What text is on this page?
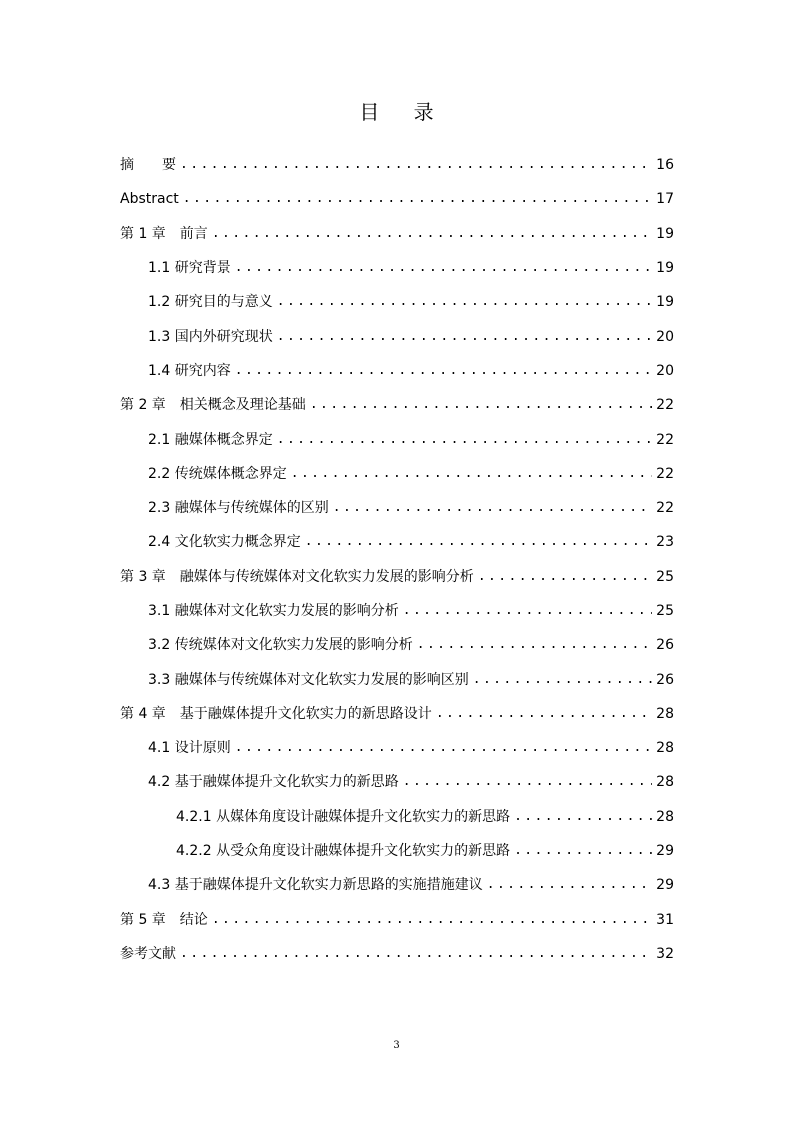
目 录
摘　　要 .....	16
Abstract .....	17
第 1 章　前言 .....	19
1.1 研究背景 .....	19
1.2 研究目的与意义 .....	19
1.3 国内外研究现状 .....	20
1.4 研究内容 .....	20
第 2 章　相关概念及理论基础 .....	22
2.1 融媒体概念界定 .....	22
2.2 传统媒体概念界定 .....	22
2.3 融媒体与传统媒体的区别 .....	22
2.4 文化软实力概念界定 .....	23
第 3 章　融媒体与传统媒体对文化软实力发展的影响分析 .....	25
3.1 融媒体对文化软实力发展的影响分析 .....	25
3.2 传统媒体对文化软实力发展的影响分析 .....	26
3.3 融媒体与传统媒体对文化软实力发展的影响区别 .....	26
第 4 章　基于融媒体提升文化软实力的新思路设计 .....	28
4.1 设计原则 .....	28
4.2 基于融媒体提升文化软实力的新思路 .....	28
4.2.1 从媒体角度设计融媒体提升文化软实力的新思路 .....	28
4.2.2 从受众角度设计融媒体提升文化软实力的新思路 .....	29
4.3 基于融媒体提升文化软实力新思路的实施措施建议 .....	29
第 5 章　结论 .....	31
参考文献 .....	32
3
